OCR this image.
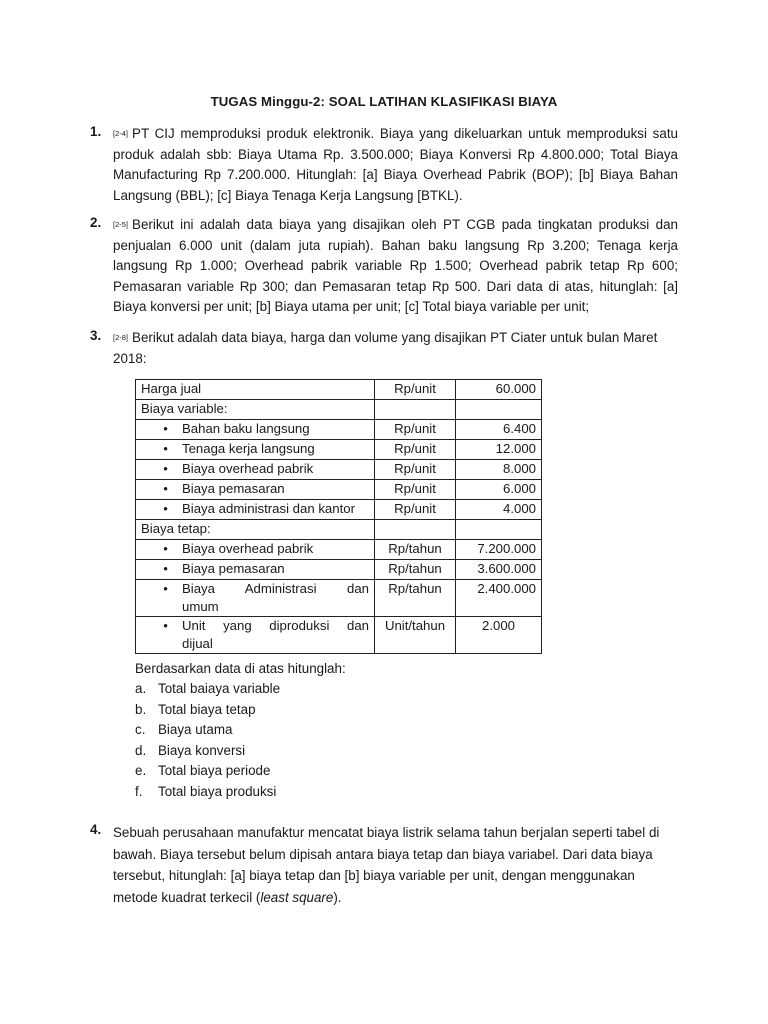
TUGAS Minggu-2: SOAL LATIHAN KLASIFIKASI BIAYA
1.	[2-4] PT CIJ memproduksi produk elektronik. Biaya yang dikeluarkan untuk memproduksi satu produk adalah sbb: Biaya Utama Rp. 3.500.000; Biaya Konversi Rp 4.800.000; Total Biaya Manufacturing Rp 7.200.000. Hitunglah: [a] Biaya Overhead Pabrik (BOP); [b] Biaya Bahan Langsung (BBL); [c] Biaya Tenaga Kerja Langsung [BTKL).
2.	[2-5] Berikut ini adalah data biaya yang disajikan oleh PT CGB pada tingkatan produksi dan penjualan 6.000 unit (dalam juta rupiah). Bahan baku langsung Rp 3.200; Tenaga kerja langsung Rp 1.000; Overhead pabrik variable Rp 1.500; Overhead pabrik tetap Rp 600; Pemasaran variable Rp 300; dan Pemasaran tetap Rp 500. Dari data di atas, hitunglah: [a] Biaya konversi per unit; [b] Biaya utama per unit; [c] Total biaya variable per unit;
3.	[2-8] Berikut adalah data biaya, harga dan volume yang disajikan PT Ciater untuk bulan Maret 2018:
Harga jual	Rp/unit	60.000
Biaya variable:		
• Bahan baku langsung	Rp/unit	6.400
• Tenaga kerja langsung	Rp/unit	12.000
• Biaya overhead pabrik	Rp/unit	8.000
• Biaya pemasaran	Rp/unit	6.000
• Biaya administrasi dan kantor	Rp/unit	4.000
Biaya tetap:		
• Biaya overhead pabrik	Rp/tahun	7.200.000
• Biaya pemasaran	Rp/tahun	3.600.000

• Biaya Administrasi dan
umum	Rp/tahun	2.400.000

• Unit yang diproduksi dan
dijual	Unit/tahun	2.000
Berdasarkan data di atas hitunglah:
a. Total baiaya variable
b. Total biaya tetap
c. Biaya utama
d. Biaya konversi
e. Total biaya periode
f.	Total biaya produksi
4. Sebuah perusahaan manufaktur mencatat biaya listrik selama tahun berjalan seperti tabel di bawah. Biaya tersebut belum dipisah antara biaya tetap dan biaya variabel. Dari data biaya tersebut, hitunglah: [a] biaya tetap dan [b] biaya variable per unit, dengan menggunakan metode kuadrat terkecil (least square).
